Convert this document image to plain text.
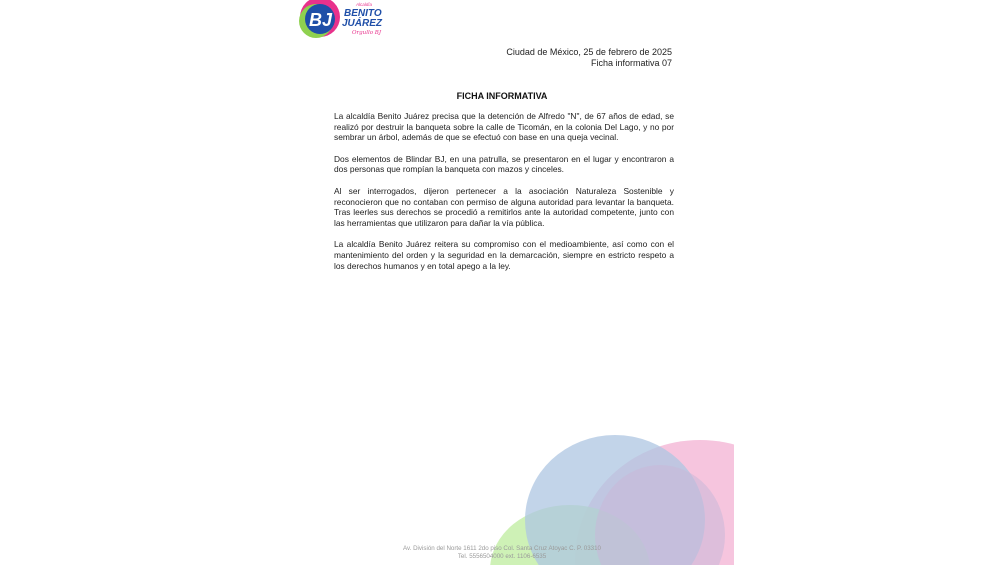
BJ
Alcaldía
BENITO
JUÁREZ
Orgullo BJ
Ciudad de México, 25 de febrero de 2025
Ficha informativa 07
FICHA INFORMATIVA

La alcaldía Benito Juárez precisa que la detención de Alfredo "N", de 67 años de edad, se realizó por destruir la banqueta sobre la calle de Ticomán, en la colonia Del Lago, y no por sembrar un árbol, además de que se efectuó con base en una queja vecinal.

Dos elementos de Blindar BJ, en una patrulla, se presentaron en el lugar y encontraron a dos personas que rompían la banqueta con mazos y cinceles.

Al ser interrogados, dijeron pertenecer a la asociación Naturaleza Sostenible y reconocieron que no contaban con permiso de alguna autoridad para levantar la banqueta. Tras leerles sus derechos se procedió a remitirlos ante la autoridad competente, junto con las herramientas que utilizaron para dañar la vía pública.

La alcaldía Benito Juárez reitera su compromiso con el medioambiente, así como con el mantenimiento del orden y la seguridad en la demarcación, siempre en estricto respeto a los derechos humanos y en total apego a la ley.

Av. División del Norte 1611 2do piso Col. Santa Cruz Atoyac C. P. 03310
Tel. 5556504000 ext. 1106-6535
